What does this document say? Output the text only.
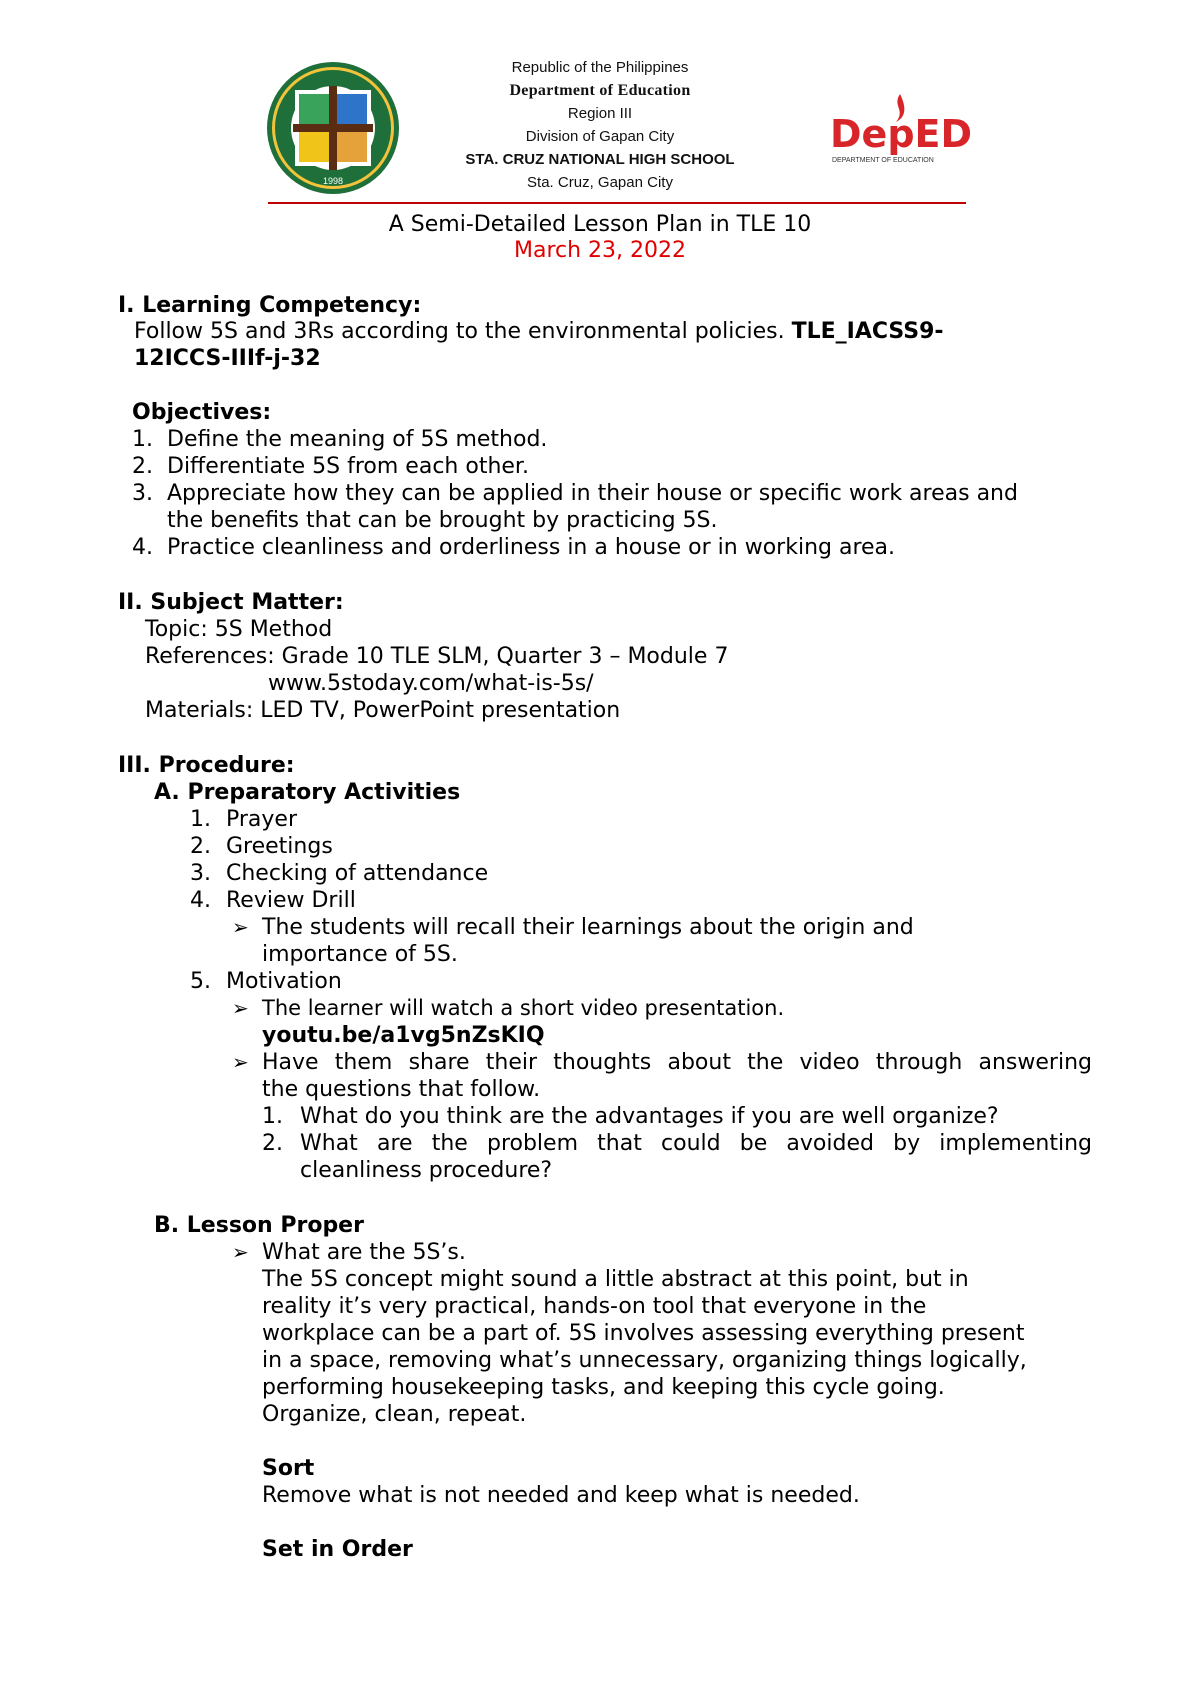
1998
DepED
DEPARTMENT OF EDUCATION
Republic of the Philippines
Department of Education
Region III
Division of Gapan City
STA. CRUZ NATIONAL HIGH SCHOOL
Sta. Cruz, Gapan City
A Semi-Detailed Lesson Plan in TLE 10
March 23, 2022
I. Learning Competency:
Follow 5S and 3Rs according to the environmental policies. TLE_IACSS9-
12ICCS-IIIf-j-32
Objectives:
1. Define the meaning of 5S method.
2. Differentiate 5S from each other.
3. Appreciate how they can be applied in their house or specific work areas and
the benefits that can be brought by practicing 5S.
4. Practice cleanliness and orderliness in a house or in working area.
II. Subject Matter:
Topic: 5S Method
References: Grade 10 TLE SLM, Quarter 3 – Module 7
www.5stoday.com/what-is-5s/
Materials: LED TV, PowerPoint presentation
III. Procedure:
A. Preparatory Activities
1. Prayer
2. Greetings
3. Checking of attendance
4. Review Drill
➢ The students will recall their learnings about the origin and
importance of 5S.
5. Motivation
➢ The learner will watch a short video presentation.
youtu.be/a1vg5nZsKIQ
➢ Have them share their thoughts about the video through answering
the questions that follow.
1. What do you think are the advantages if you are well organize?
2. What are the problem that could be avoided by implementing
cleanliness procedure?
B. Lesson Proper
➢ What are the 5S’s.
The 5S concept might sound a little abstract at this point, but in
reality it’s very practical, hands-on tool that everyone in the
workplace can be a part of. 5S involves assessing everything present
in a space, removing what’s unnecessary, organizing things logically,
performing housekeeping tasks, and keeping this cycle going.
Organize, clean, repeat.
Sort
Remove what is not needed and keep what is needed.
Set in Order
